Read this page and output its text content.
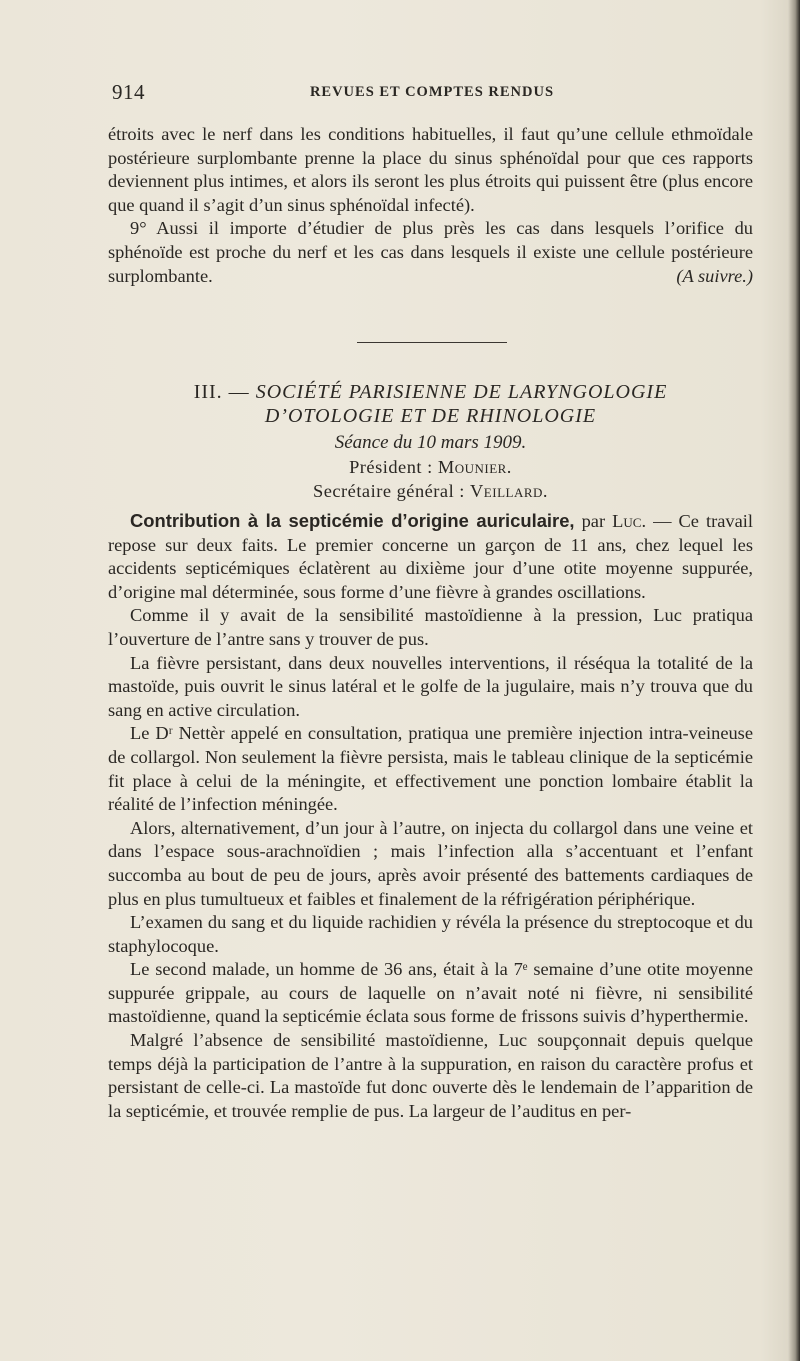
914	REVUES ET COMPTES RENDUS

étroits avec le nerf dans les conditions habituelles, il faut qu’une cellule ethmoïdale postérieure surplombante prenne la place du sinus sphénoïdal pour que ces rapports deviennent plus intimes, et alors ils seront les plus étroits qui puissent être (plus encore que quand il s’agit d’un sinus sphénoïdal infecté).

9° Aussi il importe d’étudier de plus près les cas dans lesquels l’orifice du sphénoïde est proche du nerf et les cas dans lesquels il existe une cellule postérieure surplombante.	(A suivre.)

III. — SOCIÉTÉ PARISIENNE DE LARYNGOLOGIE
D’OTOLOGIE ET DE RHINOLOGIE
Séance du 10 mars 1909.
Président : Mounier.
Secrétaire général : Veillard.

Contribution à la septicémie d’origine auriculaire, par Luc. — Ce travail repose sur deux faits. Le premier concerne un garçon de 11 ans, chez lequel les accidents septicémiques éclatèrent au dixième jour d’une otite moyenne suppurée, d’origine mal déterminée, sous forme d’une fièvre à grandes oscillations.

Comme il y avait de la sensibilité mastoïdienne à la pression, Luc pratiqua l’ouverture de l’antre sans y trouver de pus.

La fièvre persistant, dans deux nouvelles interventions, il réséqua la totalité de la mastoïde, puis ouvrit le sinus latéral et le golfe de la jugulaire, mais n’y trouva que du sang en active circulation.

Le Dʳ Nettèr appelé en consultation, pratiqua une première injection intra-veineuse de collargol. Non seulement la fièvre persista, mais le tableau clinique de la septicémie fit place à celui de la méningite, et effectivement une ponction lombaire établit la réalité de l’infection méningée.

Alors, alternativement, d’un jour à l’autre, on injecta du collargol dans une veine et dans l’espace sous-arachnoïdien ; mais l’infection alla s’accentuant et l’enfant succomba au bout de peu de jours, après avoir présenté des battements cardiaques de plus en plus tumultueux et faibles et finalement de la réfrigération périphérique.

L’examen du sang et du liquide rachidien y révéla la présence du streptocoque et du staphylocoque.

Le second malade, un homme de 36 ans, était à la 7ᵉ semaine d’une otite moyenne suppurée grippale, au cours de laquelle on n’avait noté ni fièvre, ni sensibilité mastoïdienne, quand la septicémie éclata sous forme de frissons suivis d’hyperthermie.

Malgré l’absence de sensibilité mastoïdienne, Luc soupçonnait depuis quelque temps déjà la participation de l’antre à la suppuration, en raison du caractère profus et persistant de celle-ci. La mastoïde fut donc ouverte dès le lendemain de l’apparition de la septicémie, et trouvée remplie de pus. La largeur de l’auditus en per-
